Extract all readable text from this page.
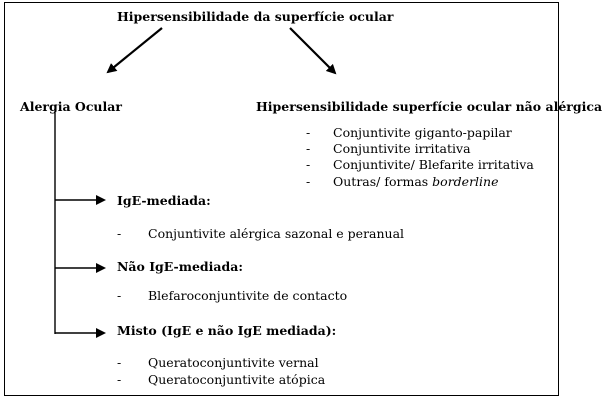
Hipersensibilidade da superfície ocular
Alergia Ocular	Hipersensibilidade superfície ocular não alérgica
- Conjuntivite giganto-papilar
- Conjuntivite irritativa
- Conjuntivite/ Blefarite irritativa
- Outras/ formas borderline
IgE-mediada:
- Conjuntivite alérgica sazonal e peranual
Não IgE-mediada:
- Blefaroconjuntivite de contacto
Misto (IgE e não IgE mediada):
- Queratoconjuntivite vernal
- Queratoconjuntivite atópica
